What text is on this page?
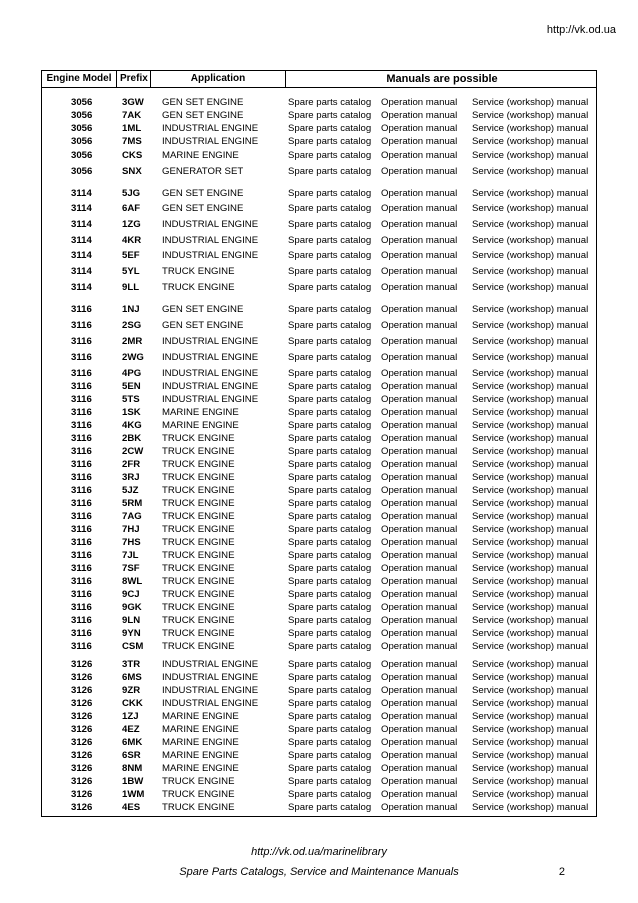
http://vk.od.ua
Engine Model Prefix	Application	Manuals are possible
3056	3GW GEN SET ENGINE	Spare parts catalog Operation manual Service (workshop) manual
3056	7AK GEN SET ENGINE	Spare parts catalog Operation manual Service (workshop) manual
3056	1ML INDUSTRIAL ENGINE	Spare parts catalog Operation manual Service (workshop) manual
3056	7MS INDUSTRIAL ENGINE	Spare parts catalog Operation manual Service (workshop) manual
3056	CKS MARINE ENGINE	Spare parts catalog Operation manual Service (workshop) manual
3056	SNX GENERATOR SET	Spare parts catalog Operation manual Service (workshop) manual
3114	5JG GEN SET ENGINE	Spare parts catalog Operation manual Service (workshop) manual
3114	6AF GEN SET ENGINE	Spare parts catalog Operation manual Service (workshop) manual
3114	1ZG INDUSTRIAL ENGINE	Spare parts catalog Operation manual Service (workshop) manual
3114	4KR INDUSTRIAL ENGINE	Spare parts catalog Operation manual Service (workshop) manual
3114	5EF INDUSTRIAL ENGINE	Spare parts catalog Operation manual Service (workshop) manual
3114	5YL TRUCK ENGINE	Spare parts catalog Operation manual Service (workshop) manual
3114	9LL TRUCK ENGINE	Spare parts catalog Operation manual Service (workshop) manual
3116	1NJ GEN SET ENGINE	Spare parts catalog Operation manual Service (workshop) manual
3116	2SG GEN SET ENGINE	Spare parts catalog Operation manual Service (workshop) manual
3116	2MR INDUSTRIAL ENGINE	Spare parts catalog Operation manual Service (workshop) manual
3116	2WG INDUSTRIAL ENGINE	Spare parts catalog Operation manual Service (workshop) manual
3116	4PG INDUSTRIAL ENGINE	Spare parts catalog Operation manual Service (workshop) manual
3116	5EN INDUSTRIAL ENGINE	Spare parts catalog Operation manual Service (workshop) manual
3116	5TS INDUSTRIAL ENGINE	Spare parts catalog Operation manual Service (workshop) manual
3116	1SK MARINE ENGINE	Spare parts catalog Operation manual Service (workshop) manual
3116	4KG MARINE ENGINE	Spare parts catalog Operation manual Service (workshop) manual
3116	2BK TRUCK ENGINE	Spare parts catalog Operation manual Service (workshop) manual
3116	2CW TRUCK ENGINE	Spare parts catalog Operation manual Service (workshop) manual
3116	2FR TRUCK ENGINE	Spare parts catalog Operation manual Service (workshop) manual
3116	3RJ TRUCK ENGINE	Spare parts catalog Operation manual Service (workshop) manual
3116	5JZ TRUCK ENGINE	Spare parts catalog Operation manual Service (workshop) manual
3116	5RM TRUCK ENGINE	Spare parts catalog Operation manual Service (workshop) manual
3116	7AG TRUCK ENGINE	Spare parts catalog Operation manual Service (workshop) manual
3116	7HJ TRUCK ENGINE	Spare parts catalog Operation manual Service (workshop) manual
3116	7HS TRUCK ENGINE	Spare parts catalog Operation manual Service (workshop) manual
3116	7JL TRUCK ENGINE	Spare parts catalog Operation manual Service (workshop) manual
3116	7SF TRUCK ENGINE	Spare parts catalog Operation manual Service (workshop) manual
3116	8WL TRUCK ENGINE	Spare parts catalog Operation manual Service (workshop) manual
3116	9CJ TRUCK ENGINE	Spare parts catalog Operation manual Service (workshop) manual
3116	9GK TRUCK ENGINE	Spare parts catalog Operation manual Service (workshop) manual
3116	9LN TRUCK ENGINE	Spare parts catalog Operation manual Service (workshop) manual
3116	9YN TRUCK ENGINE	Spare parts catalog Operation manual Service (workshop) manual
3116	CSM TRUCK ENGINE	Spare parts catalog Operation manual Service (workshop) manual
3126	3TR INDUSTRIAL ENGINE	Spare parts catalog Operation manual Service (workshop) manual
3126	6MS INDUSTRIAL ENGINE	Spare parts catalog Operation manual Service (workshop) manual
3126	9ZR INDUSTRIAL ENGINE	Spare parts catalog Operation manual Service (workshop) manual
3126	CKK INDUSTRIAL ENGINE	Spare parts catalog Operation manual Service (workshop) manual
3126	1ZJ MARINE ENGINE	Spare parts catalog Operation manual Service (workshop) manual
3126	4EZ MARINE ENGINE	Spare parts catalog Operation manual Service (workshop) manual
3126	6MK MARINE ENGINE	Spare parts catalog Operation manual Service (workshop) manual
3126	6SR MARINE ENGINE	Spare parts catalog Operation manual Service (workshop) manual
3126	8NM MARINE ENGINE	Spare parts catalog Operation manual Service (workshop) manual
3126	1BW TRUCK ENGINE	Spare parts catalog Operation manual Service (workshop) manual
3126	1WM TRUCK ENGINE	Spare parts catalog Operation manual Service (workshop) manual
3126	4ES TRUCK ENGINE	Spare parts catalog Operation manual Service (workshop) manual
http://vk.od.ua/marinelibrary
Spare Parts Catalogs, Service and Maintenance Manuals	2
